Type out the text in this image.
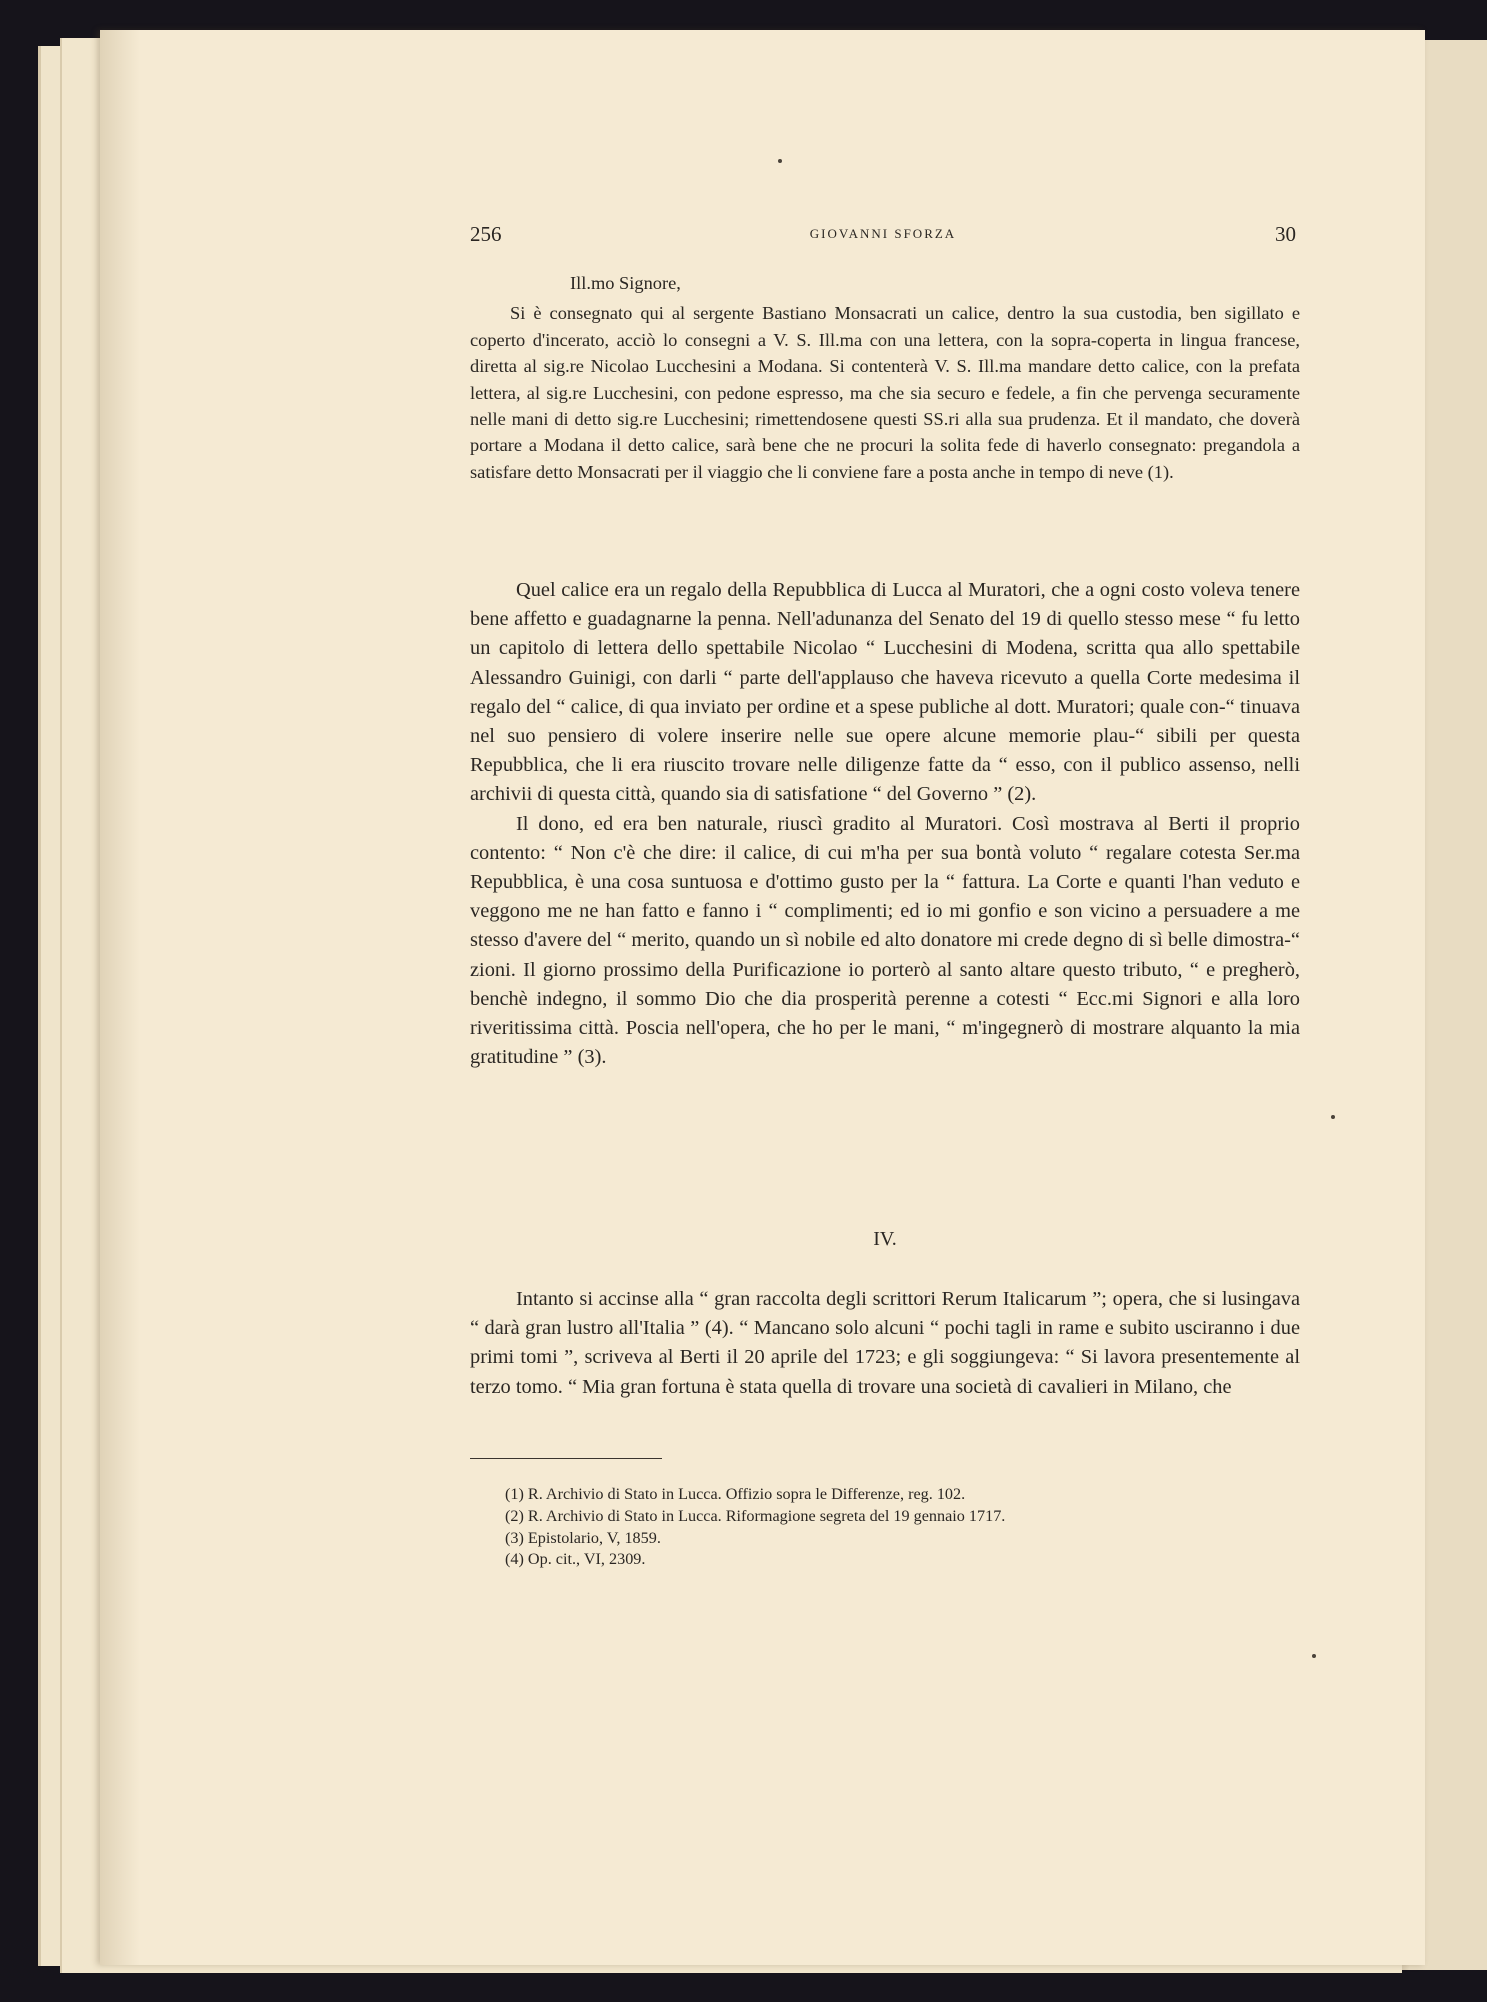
256	GIOVANNI SFORZA	30
Ill.mo Signore,

Si è consegnato qui al sergente Bastiano Monsacrati un calice, dentro la sua custodia, ben sigillato e coperto d'incerato, acciò lo consegni a V. S. Ill.ma con una lettera, con la sopra-coperta in lingua francese, diretta al sig.re Nicolao Lucchesini a Modana. Si contenterà V. S. Ill.ma mandare detto calice, con la prefata lettera, al sig.re Lucchesini, con pedone espresso, ma che sia securo e fedele, a fin che pervenga securamente nelle mani di detto sig.re Lucchesini; rimettendosene questi SS.ri alla sua prudenza. Et il mandato, che doverà portare a Modana il detto calice, sarà bene che ne procuri la solita fede di haverlo consegnato: pregandola a satisfare detto Monsacrati per il viaggio che li conviene fare a posta anche in tempo di neve (1).

Quel calice era un regalo della Repubblica di Lucca al Muratori, che a ogni costo voleva tenere bene affetto e guadagnarne la penna. Nell'adunanza del Senato del 19 di quello stesso mese “ fu letto un capitolo di lettera dello spettabile Nicolao “ Lucchesini di Modena, scritta qua allo spettabile Alessandro Guinigi, con darli “ parte dell'applauso che haveva ricevuto a quella Corte medesima il regalo del “ calice, di qua inviato per ordine et a spese publiche al dott. Muratori; quale con-“ tinuava nel suo pensiero di volere inserire nelle sue opere alcune memorie plau-“ sibili per questa Repubblica, che li era riuscito trovare nelle diligenze fatte da “ esso, con il publico assenso, nelli archivii di questa città, quando sia di satisfatione “ del Governo ” (2).

Il dono, ed era ben naturale, riuscì gradito al Muratori. Così mostrava al Berti il proprio contento: “ Non c'è che dire: il calice, di cui m'ha per sua bontà voluto “ regalare cotesta Ser.ma Repubblica, è una cosa suntuosa e d'ottimo gusto per la “ fattura. La Corte e quanti l'han veduto e veggono me ne han fatto e fanno i “ complimenti; ed io mi gonfio e son vicino a persuadere a me stesso d'avere del “ merito, quando un sì nobile ed alto donatore mi crede degno di sì belle dimostra-“ zioni. Il giorno prossimo della Purificazione io porterò al santo altare questo tributo, “ e pregherò, benchè indegno, il sommo Dio che dia prosperità perenne a cotesti “ Ecc.mi Signori e alla loro riveritissima città. Poscia nell'opera, che ho per le mani, “ m'ingegnerò di mostrare alquanto la mia gratitudine ” (3).

IV.

Intanto si accinse alla “ gran raccolta degli scrittori Rerum Italicarum ”; opera, che si lusingava “ darà gran lustro all'Italia ” (4). “ Mancano solo alcuni “ pochi tagli in rame e subito usciranno i due primi tomi ”, scriveva al Berti il 20 aprile del 1723; e gli soggiungeva: “ Si lavora presentemente al terzo tomo. “ Mia gran fortuna è stata quella di trovare una società di cavalieri in Milano, che

(1) R. Archivio di Stato in Lucca. Offizio sopra le Differenze, reg. 102.
(2) R. Archivio di Stato in Lucca. Riformagione segreta del 19 gennaio 1717.
(3) Epistolario, V, 1859.
(4) Op. cit., VI, 2309.
